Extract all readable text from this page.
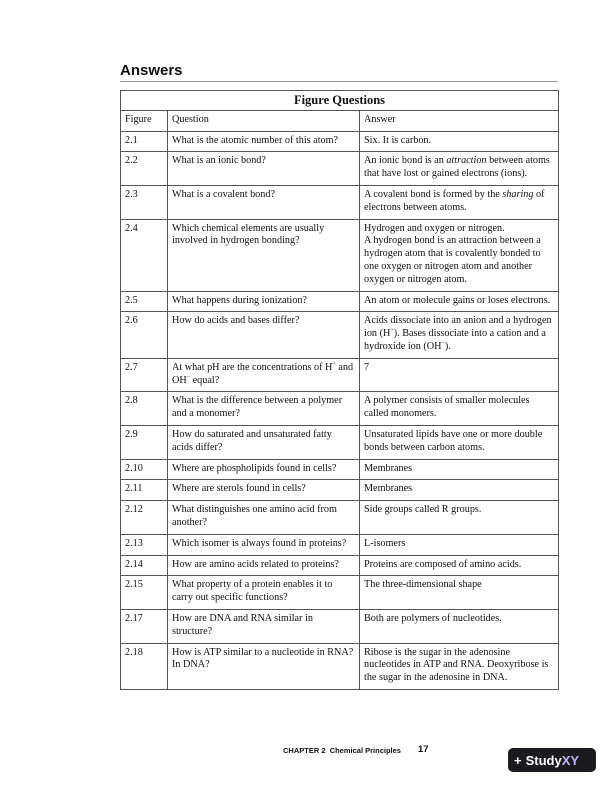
Answers
Figure Questions		
Figure	Question	Answer
2.1	What is the atomic number of this atom?	Six. It is carbon.
2.2	What is an ionic bond?	An ionic bond is an attraction between atoms that have lost or gained electrons (ions).
2.3	What is a covalent bond?	A covalent bond is formed by the sharing of electrons between atoms.
2.4	Which chemical elements are usually involved in hydrogen bonding?	Hydrogen and oxygen or nitrogen.
A hydrogen bond is an attraction between a hydrogen atom that is covalently bonded to one oxygen or nitrogen atom and another oxygen or nitrogen atom.

2.5	What happens during ionization?	An atom or molecule gains or loses electrons.
2.6	How do acids and bases differ?	Acids dissociate into an anion and a hydrogen ion (H+). Bases dissociate into a cation and a hydroxide ion (OH−).
2.7	At what pH are the concentrations of H+ and OH− equal?	7
2.8	What is the difference between a polymer and a monomer?	A polymer consists of smaller molecules called monomers.
2.9	How do saturated and unsaturated fatty acids differ?	Unsaturated lipids have one or more double bonds between carbon atoms.
2.10	Where are phospholipids found in cells?	Membranes
2.11	Where are sterols found in cells?	Membranes
2.12	What distinguishes one amino acid from another?	Side groups called R groups.
2.13	Which isomer is always found in proteins?	L-isomers
2.14	How are amino acids related to proteins?	Proteins are composed of amino acids.
2.15	What property of a protein enables it to carry out specific functions?	The three-dimensional shape
2.17	How are DNA and RNA similar in structure?	Both are polymers of nucleotides.
2.18	How is ATP similar to a nucleotide in RNA? In DNA?	Ribose is the sugar in the adenosine nucleotides in ATP and RNA. Deoxyribose is the sugar in the adenosine in DNA.
CHAPTER 2 Chemical Principles 17
+ StudyXY
